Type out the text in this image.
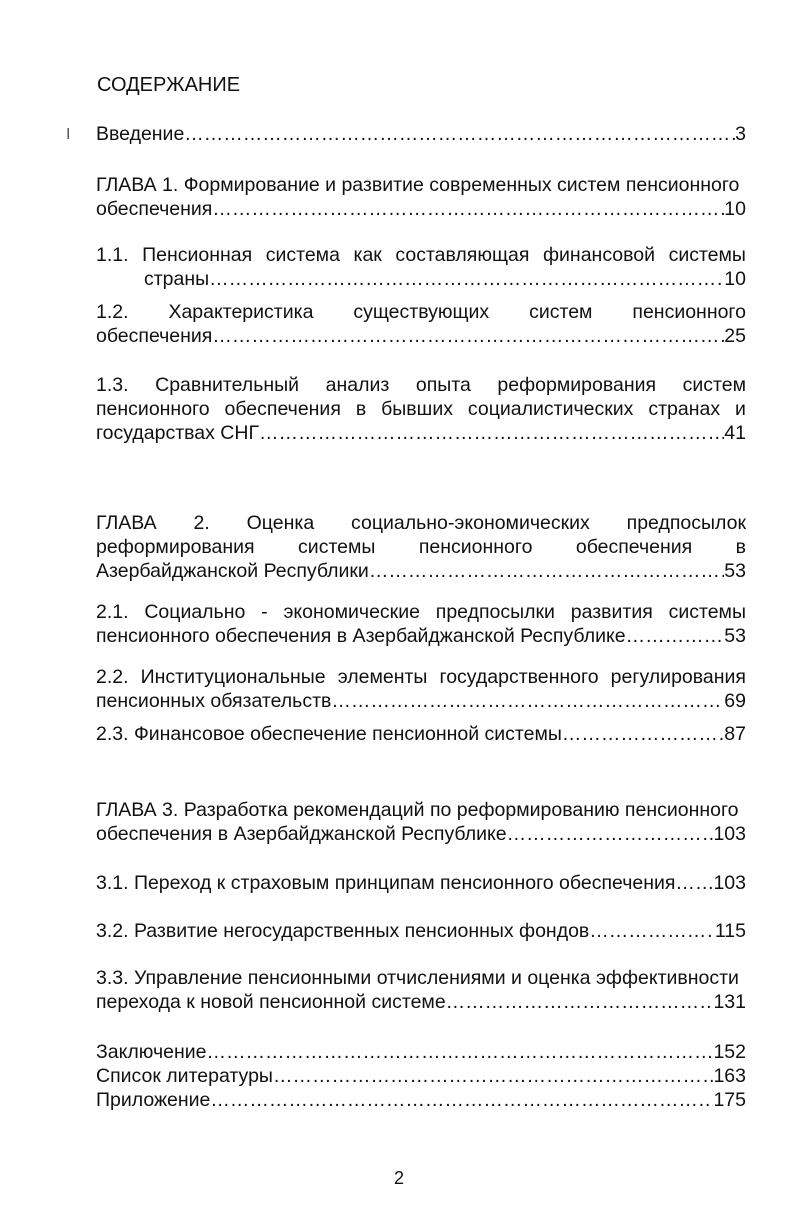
СОДЕРЖАНИЕ
I Введение ……………………………………………………………………………………………………………………………………………	3
ГЛАВА 1. Формирование и развитие современных систем пенсионного
обеспечения ……………………………………………………………………………………………………………………………………………	10
1.1. Пенсионная система как составляющая финансовой системы
страны ……………………………………………………………………………………………………………………………………………	10
1.2. Характеристика существующих систем пенсионного
обеспечения ……………………………………………………………………………………………………………………………………………	25
1.3. Сравнительный анализ опыта реформирования систем
пенсионного обеспечения в бывших социалистических странах и
государствах СНГ ……………………………………………………………………………………………………………………………………………	41
ГЛАВА 2. Оценка социально-экономических предпосылок
реформирования системы пенсионного обеспечения в
Азербайджанской Республики ……………………………………………………………………………………………………………………………………………	53
2.1. Социально - экономические предпосылки развития системы
пенсионного обеспечения в Азербайджанской Республике ……………………………………………………………………………………………………………………………………………	53
2.2. Институциональные элементы государственного регулирования
пенсионных обязательств ……………………………………………………………………………………………………………………………………………	69
2.3. Финансовое обеспечение пенсионной системы ……………………………………………………………………………………………………………………………………………	87
ГЛАВА 3. Разработка рекомендаций по реформированию пенсионного
обеспечения в Азербайджанской Республике ……………………………………………………………………………………………………………………………………………	103
3.1. Переход к страховым принципам пенсионного обеспечения …………………………………………………………………………………………………………………………………………… 103
3.2. Развитие негосударственных пенсионных фондов ……………………………………………………………………………………………………………………………………………	115
3.3. Управление пенсионными отчислениями и оценка эффективности
перехода к новой пенсионной системе ……………………………………………………………………………………………………………………………………………	131
Заключение ……………………………………………………………………………………………………………………………………………	152
Список литературы ……………………………………………………………………………………………………………………………………………	163
Приложение ……………………………………………………………………………………………………………………………………………	175
2
